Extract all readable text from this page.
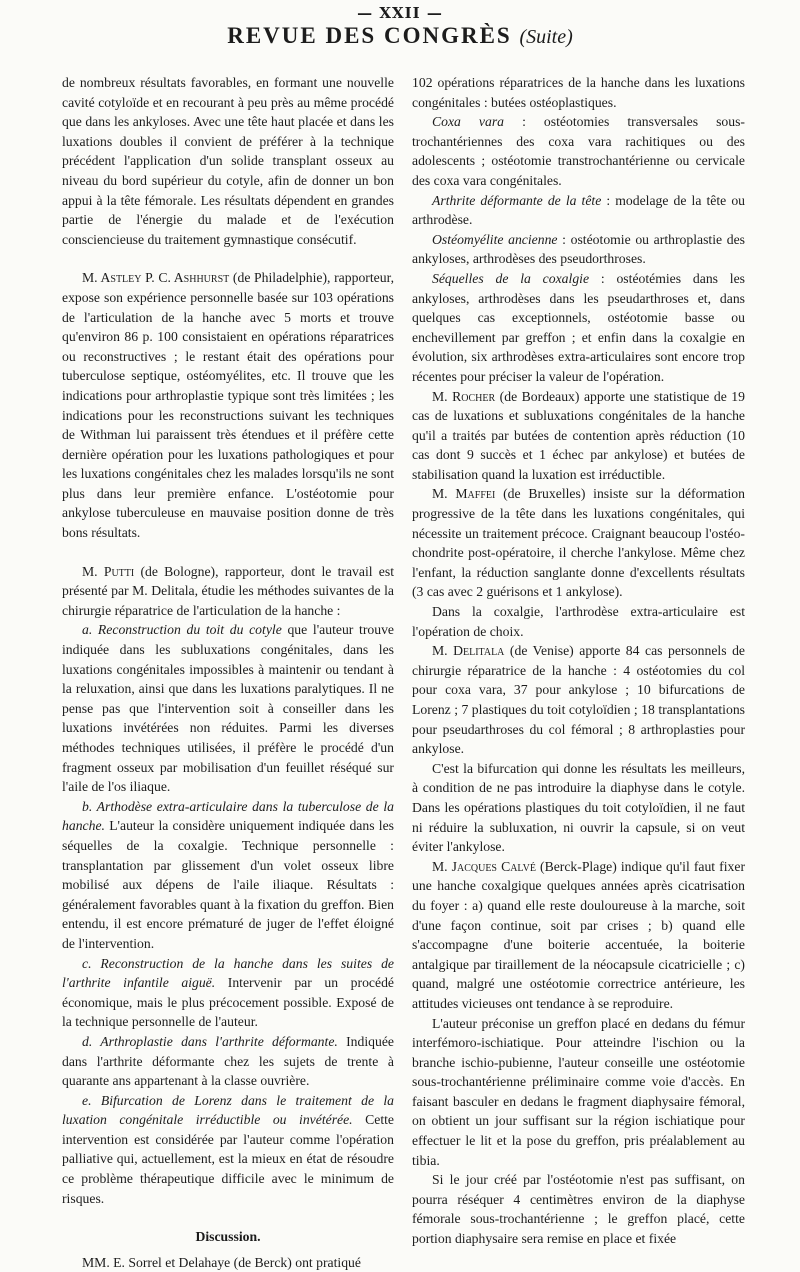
— XXII —
REVUE DES CONGRÈS (Suite)

de nombreux résultats favorables, en formant une nouvelle cavité cotyloïde et en recourant à peu près au même procédé que dans les ankyloses. Avec une tête haut placée et dans les luxations doubles il convient de préférer à la technique précédent l'application d'un solide transplant osseux au niveau du bord supérieur du cotyle, afin de donner un bon appui à la tête fémorale. Les résultats dépendent en grandes partie de l'énergie du malade et de l'exécution consciencieuse du traitement gymnastique consécutif.

M. Astley P. C. Ashhurst (de Philadelphie), rapporteur, expose son expérience personnelle basée sur 103 opérations de l'articulation de la hanche avec 5 morts et trouve qu'environ 86 p. 100 consistaient en opérations réparatrices ou reconstructives ; le restant était des opérations pour tuberculose septique, ostéomyélites, etc. Il trouve que les indications pour arthroplastie typique sont très limitées ; les indications pour les reconstructions suivant les techniques de Withman lui paraissent très étendues et il préfère cette dernière opération pour les luxations pathologiques et pour les luxations congénitales chez les malades lorsqu'ils ne sont plus dans leur première enfance. L'ostéotomie pour ankylose tuberculeuse en mauvaise position donne de très bons résultats.

M. Putti (de Bologne), rapporteur, dont le travail est présenté par M. Delitala, étudie les méthodes suivantes de la chirurgie réparatrice de l'articulation de la hanche :

a. Reconstruction du toit du cotyle que l'auteur trouve indiquée dans les subluxations congénitales, dans les luxations congénitales impossibles à maintenir ou tendant à la reluxation, ainsi que dans les luxations paralytiques. Il ne pense pas que l'intervention soit à conseiller dans les luxations invétérées non réduites. Parmi les diverses méthodes techniques utilisées, il préfère le procédé d'un fragment osseux par mobilisation d'un feuillet réséqué sur l'aile de l'os iliaque.

b. Arthodèse extra-articulaire dans la tuberculose de la hanche. L'auteur la considère uniquement indiquée dans les séquelles de la coxalgie. Technique personnelle : transplantation par glissement d'un volet osseux libre mobilisé aux dépens de l'aile iliaque. Résultats : généralement favorables quant à la fixation du greffon. Bien entendu, il est encore prématuré de juger de l'effet éloigné de l'intervention.

c. Reconstruction de la hanche dans les suites de l'arthrite infantile aiguë. Intervenir par un procédé économique, mais le plus précocement possible. Exposé de la technique personnelle de l'auteur.

d. Arthroplastie dans l'arthrite déformante. Indiquée dans l'arthrite déformante chez les sujets de trente à quarante ans appartenant à la classe ouvrière.

e. Bifurcation de Lorenz dans le traitement de la luxation congénitale irréductible ou invétérée. Cette intervention est considérée par l'auteur comme l'opération palliative qui, actuellement, est la mieux en état de résoudre ce problème thérapeutique difficile avec le minimum de risques.

Discussion.

MM. E. Sorrel et Delahaye (de Berck) ont pratiqué

102 opérations réparatrices de la hanche dans les luxations congénitales : butées ostéoplastiques.

Coxa vara : ostéotomies transversales sous-trochantériennes des coxa vara rachitiques ou des adolescents ; ostéotomie transtrochantérienne ou cervicale des coxa vara congénitales.

Arthrite déformante de la tête : modelage de la tête ou arthrodèse.

Ostéomyélite ancienne : ostéotomie ou arthroplastie des ankyloses, arthrodèses des pseudorthroses.

Séquelles de la coxalgie : ostéotémies dans les ankyloses, arthrodèses dans les pseudarthroses et, dans quelques cas exceptionnels, ostéotomie basse ou enchevillement par greffon ; et enfin dans la coxalgie en évolution, six arthrodèses extra-articulaires sont encore trop récentes pour préciser la valeur de l'opération.

M. Rocher (de Bordeaux) apporte une statistique de 19 cas de luxations et subluxations congénitales de la hanche qu'il a traités par butées de contention après réduction (10 cas dont 9 succès et 1 échec par ankylose) et butées de stabilisation quand la luxation est irréductible.

M. Maffei (de Bruxelles) insiste sur la déformation progressive de la tête dans les luxations congénitales, qui nécessite un traitement précoce. Craignant beaucoup l'ostéo-chondrite post-opératoire, il cherche l'ankylose. Même chez l'enfant, la réduction sanglante donne d'excellents résultats (3 cas avec 2 guérisons et 1 ankylose).

Dans la coxalgie, l'arthrodèse extra-articulaire est l'opération de choix.

M. Delitala (de Venise) apporte 84 cas personnels de chirurgie réparatrice de la hanche : 4 ostéotomies du col pour coxa vara, 37 pour ankylose ; 10 bifurcations de Lorenz ; 7 plastiques du toit cotyloïdien ; 18 transplantations pour pseudarthroses du col fémoral ; 8 arthroplasties pour ankylose.

C'est la bifurcation qui donne les résultats les meilleurs, à condition de ne pas introduire la diaphyse dans le cotyle. Dans les opérations plastiques du toit cotyloïdien, il ne faut ni réduire la subluxation, ni ouvrir la capsule, si on veut éviter l'ankylose.

M. Jacques Calvé (Berck-Plage) indique qu'il faut fixer une hanche coxalgique quelques années après cicatrisation du foyer : a) quand elle reste douloureuse à la marche, soit d'une façon continue, soit par crises ; b) quand elle s'accompagne d'une boiterie accentuée, la boiterie antalgique par tiraillement de la néocapsule cicatricielle ; c) quand, malgré une ostéotomie correctrice antérieure, les attitudes vicieuses ont tendance à se reproduire.

L'auteur préconise un greffon placé en dedans du fémur interfémoro-ischiatique. Pour atteindre l'ischion ou la branche ischio-pubienne, l'auteur conseille une ostéotomie sous-trochantérienne préliminaire comme voie d'accès. En faisant basculer en dedans le fragment diaphysaire fémoral, on obtient un jour suffisant sur la région ischiatique pour effectuer le lit et la pose du greffon, pris préalablement au tibia.

Si le jour créé par l'ostéotomie n'est pas suffisant, on pourra réséquer 4 centimètres environ de la diaphyse fémorale sous-trochantérienne ; le greffon placé, cette portion diaphysaire sera remise en place et fixée
